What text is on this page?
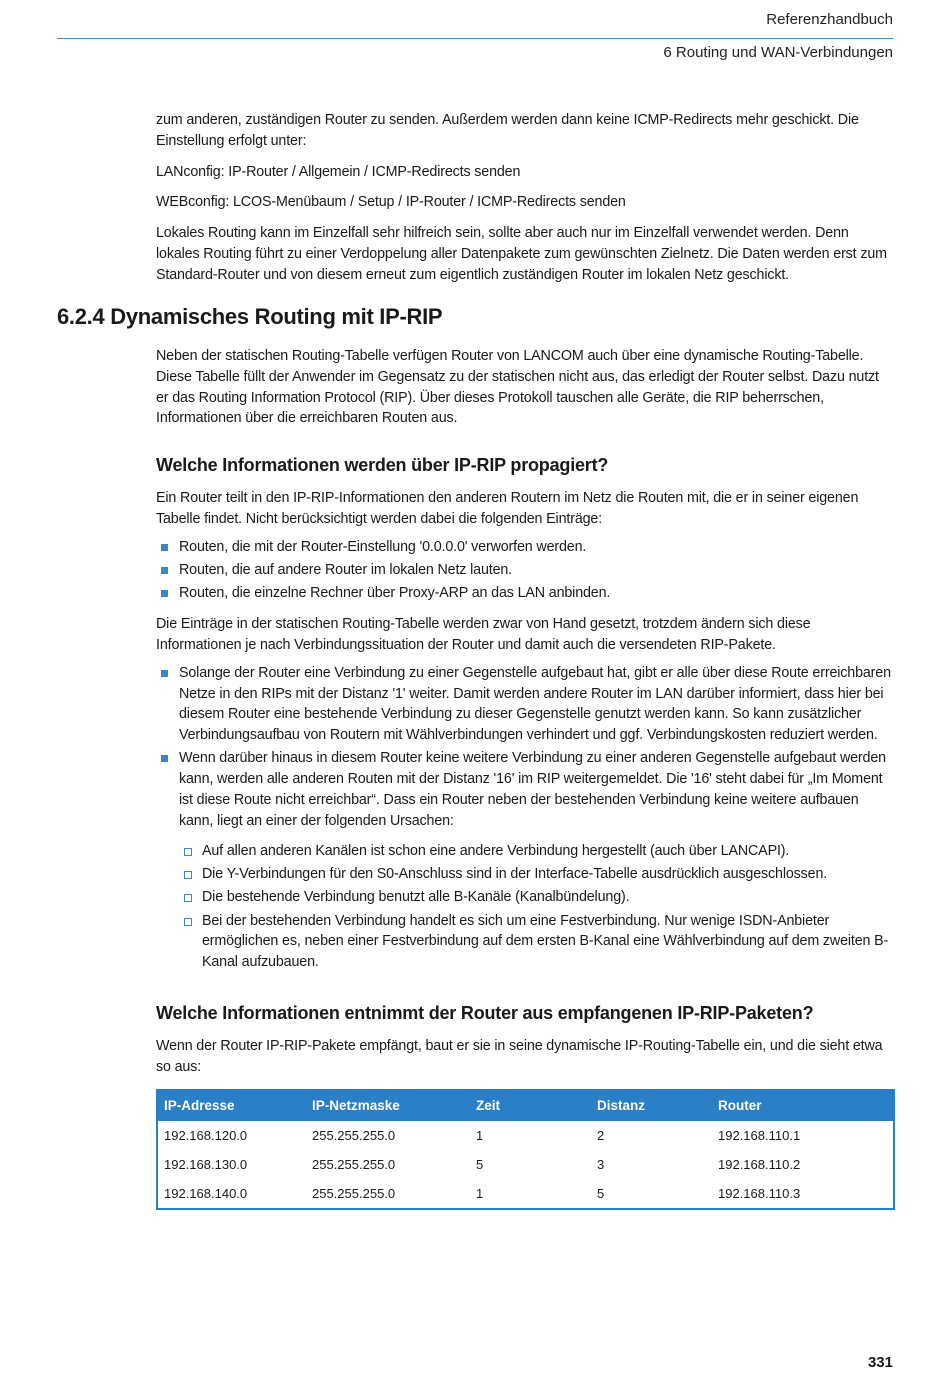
Referenzhandbuch
6 Routing und WAN-Verbindungen

zum anderen, zuständigen Router zu senden. Außerdem werden dann keine ICMP-Redirects mehr geschickt. Die Einstellung erfolgt unter:

LANconfig: IP-Router / Allgemein / ICMP-Redirects senden

WEBconfig: LCOS-Menübaum / Setup / IP-Router / ICMP-Redirects senden

Lokales Routing kann im Einzelfall sehr hilfreich sein, sollte aber auch nur im Einzelfall verwendet werden. Denn lokales Routing führt zu einer Verdoppelung aller Datenpakete zum gewünschten Zielnetz. Die Daten werden erst zum Standard-Router und von diesem erneut zum eigentlich zuständigen Router im lokalen Netz geschickt.

6.2.4 Dynamisches Routing mit IP-RIP

Neben der statischen Routing-Tabelle verfügen Router von LANCOM auch über eine dynamische Routing-Tabelle. Diese Tabelle füllt der Anwender im Gegensatz zu der statischen nicht aus, das erledigt der Router selbst. Dazu nutzt er das Routing Information Protocol (RIP). Über dieses Protokoll tauschen alle Geräte, die RIP beherrschen, Informationen über die erreichbaren Routen aus.

Welche Informationen werden über IP-RIP propagiert?

Ein Router teilt in den IP-RIP-Informationen den anderen Routern im Netz die Routen mit, die er in seiner eigenen Tabelle findet. Nicht berücksichtigt werden dabei die folgenden Einträge:

Routen, die mit der Router-Einstellung '0.0.0.0' verworfen werden.
Routen, die auf andere Router im lokalen Netz lauten.
Routen, die einzelne Rechner über Proxy-ARP an das LAN anbinden.

Die Einträge in der statischen Routing-Tabelle werden zwar von Hand gesetzt, trotzdem ändern sich diese Informationen je nach Verbindungssituation der Router und damit auch die versendeten RIP-Pakete.

Solange der Router eine Verbindung zu einer Gegenstelle aufgebaut hat, gibt er alle über diese Route erreichbaren Netze in den RIPs mit der Distanz '1' weiter. Damit werden andere Router im LAN darüber informiert, dass hier bei diesem Router eine bestehende Verbindung zu dieser Gegenstelle genutzt werden kann. So kann zusätzlicher Verbindungsaufbau von Routern mit Wählverbindungen verhindert und ggf. Verbindungskosten reduziert werden.
Wenn darüber hinaus in diesem Router keine weitere Verbindung zu einer anderen Gegenstelle aufgebaut werden kann, werden alle anderen Routen mit der Distanz '16' im RIP weitergemeldet. Die '16' steht dabei für „Im Moment ist diese Route nicht erreichbar“. Dass ein Router neben der bestehenden Verbindung keine weitere aufbauen kann, liegt an einer der folgenden Ursachen:
Auf allen anderen Kanälen ist schon eine andere Verbindung hergestellt (auch über LANCAPI).
Die Y-Verbindungen für den S0-Anschluss sind in der Interface-Tabelle ausdrücklich ausgeschlossen.
Die bestehende Verbindung benutzt alle B-Kanäle (Kanalbündelung).
Bei der bestehenden Verbindung handelt es sich um eine Festverbindung. Nur wenige ISDN-Anbieter ermöglichen es, neben einer Festverbindung auf dem ersten B-Kanal eine Wählverbindung auf dem zweiten B-Kanal aufzubauen.
Welche Informationen entnimmt der Router aus empfangenen IP-RIP-Paketen?

Wenn der Router IP-RIP-Pakete empfängt, baut er sie in seine dynamische IP-Routing-Tabelle ein, und die sieht etwa so aus:

IP-Adresse	IP-Netzmaske	Zeit	Distanz	Router
192.168.120.0	255.255.255.0	1	2	192.168.110.1
192.168.130.0	255.255.255.0	5	3	192.168.110.2
192.168.140.0	255.255.255.0	1	5	192.168.110.3
331
